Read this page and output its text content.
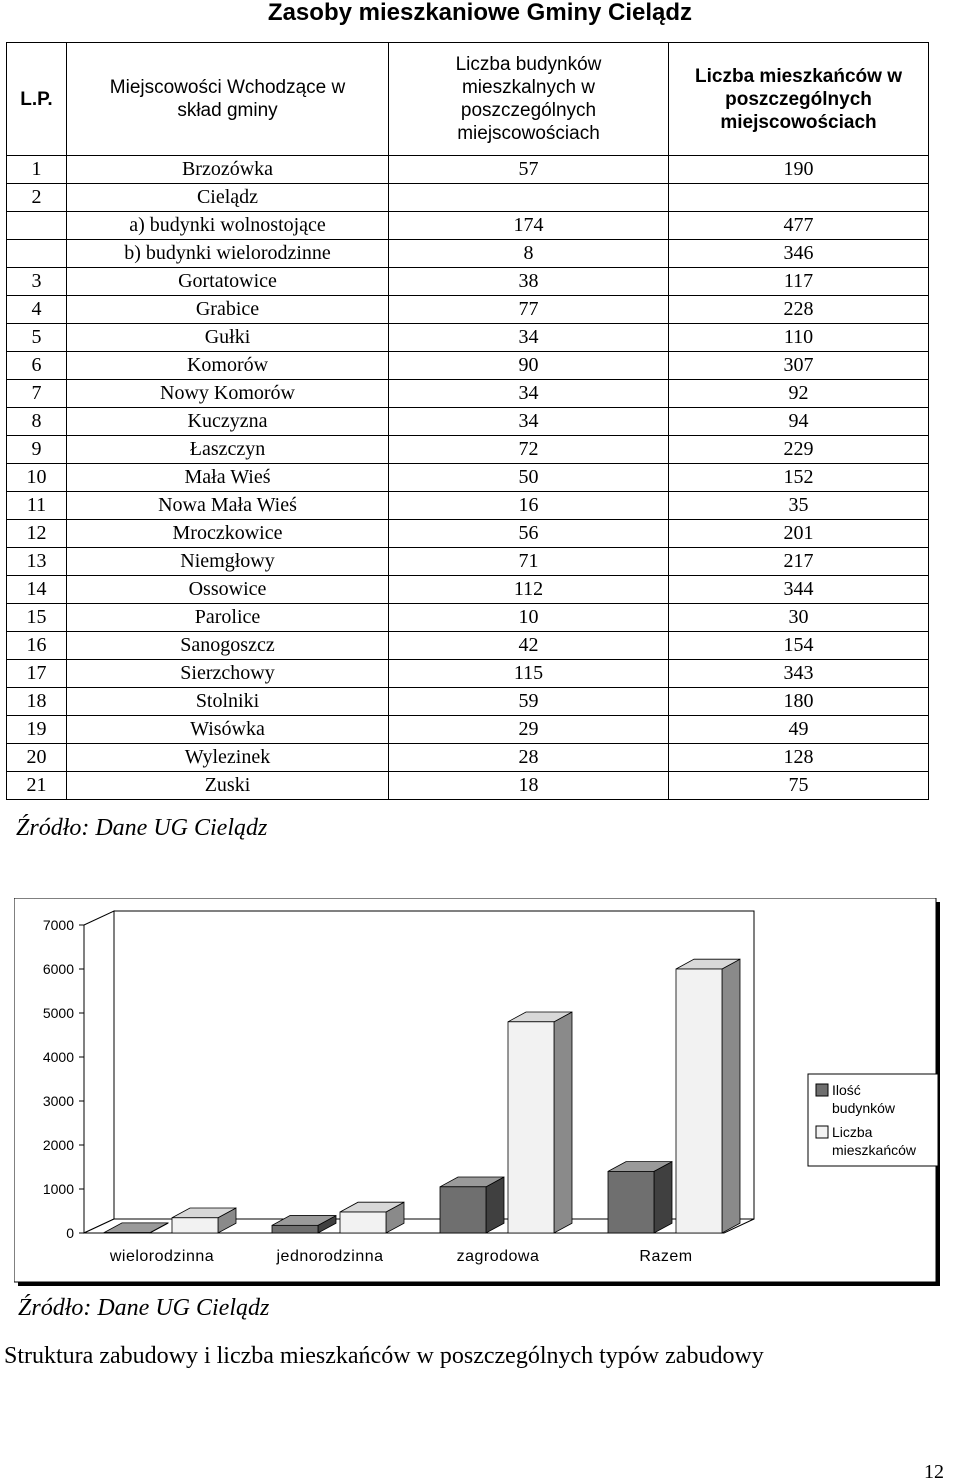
Zasoby mieszkaniowe Gminy Cielądz
L.P.	Miejscowości Wchodzące w skład gminy	Liczba budynków mieszkalnych w poszczególnych miejscowościach	Liczba mieszkańców w poszczególnych miejscowościach
1	Brzozówka	57	190
2	Cielądz		
	a) budynki wolnostojące	174	477
	b) budynki wielorodzinne	8	346
3	Gortatowice	38	117
4	Grabice	77	228
5	Gułki	34	110
6	Komorów	90	307
7	Nowy Komorów	34	92
8	Kuczyzna	34	94
9	Łaszczyn	72	229
10	Mała Wieś	50	152
11	Nowa Mała Wieś	16	35
12	Mroczkowice	56	201
13	Niemgłowy	71	217
14	Ossowice	112	344
15	Parolice	10	30
16	Sanogoszcz	42	154
17	Sierzchowy	115	343
18	Stolniki	59	180
19	Wisówka	29	49
20	Wylezinek	28	128
21	Zuski	18	75
Źródło: Dane UG Cielądz
0
1000
2000
3000
4000
5000
6000
7000
wielorodzinna	jednorodzinna	zagrodowa	Razem
Ilość
budynków
Liczba
mieszkańców
Źródło: Dane UG Cielądz
Struktura zabudowy i liczba mieszkańców w poszczególnych typów zabudowy
12
